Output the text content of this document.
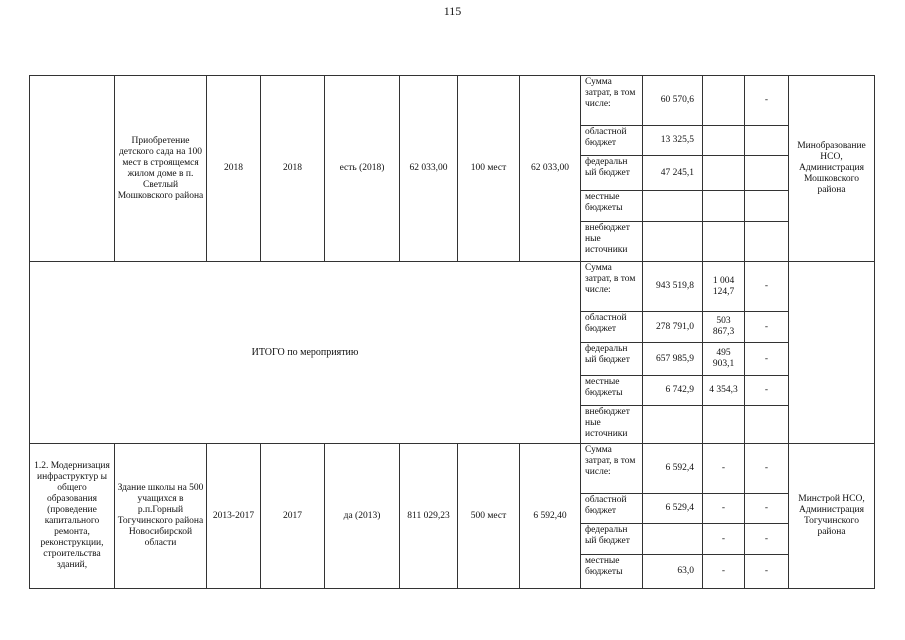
115
	Приобретение детского сада на 100 мест в строящемся жилом доме в п. Светлый Мошковского района	2018	2018	есть (2018)	62 033,00	100 мест	62 033,00	Сумма затрат, в том числе:	60 570,6		-	Минобразование НСО, Администрация Мошковского района
								областной бюджет	13 325,5			
								федеральн ый бюджет	47 245,1			
								местные бюджеты				
								внебюджет ные источники				
ИТОГО по мероприятию								Сумма затрат, в том числе:	943 519,8	1 004 124,7	-	
								областной бюджет	278 791,0	503 867,3	-	
								федеральн ый бюджет	657 985,9	495 903,1	-	
								местные бюджеты	6 742,9	4 354,3	-	
								внебюджет ные источники				
1.2. Модернизация инфраструктур ы общего образования (проведение капитального ремонта, реконструкции, строительства зданий,	Здание школы на 500 учащихся в р.п.Горный Тогучинского района Новосибирской области	2013-2017	2017	да (2013)	811 029,23	500 мест	6 592,40	Сумма затрат, в том числе:	6 592,4	-	-	Минстрой НСО, Администрация Тогучинского района
								областной бюджет	6 529,4	-	-	
								федеральн ый бюджет		-	-	
								местные бюджеты	63,0	-	-	
